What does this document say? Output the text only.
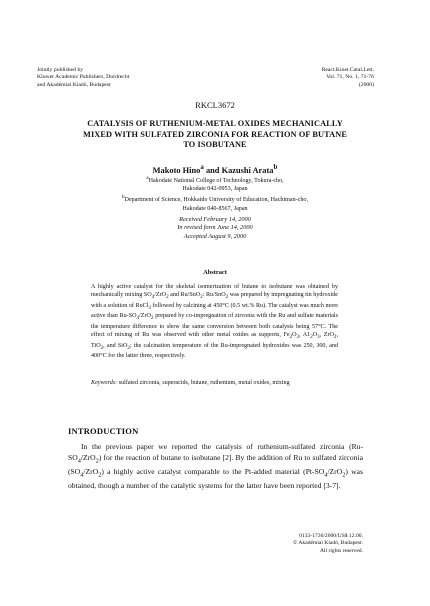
Jointly published by
Kluwer Academic Publishers, Dordrecht
and Akadémiai Kiadó, Budapest
React.Kinet.Catal.Lett.
Vol. 71, No. 1, 71-76
(2000)
RKCL3672
CATALYSIS OF RUTHENIUM-METAL OXIDES MECHANICALLY
MIXED WITH SULFATED ZIRCONIA FOR REACTION OF BUTANE
TO ISOBUTANE
Makoto Hino$^a$ and Kazushi Arata$^b$
$^a$Hakodate National College of Technology, Tokura-cho,
Hakodate 042-0953, Japan
$^b$Department of Science, Hokkaido University of Education, Hachiman-cho,
Hakodate 040-8567, Japan
Received February 14, 2000
In revised form June 14, 2000
Accepted August 9, 2000
Abstract
A highly active catalyst for the skeletal isomerization of butane to isobutane was obtained by mechanically mixing $SO_4/ZrO_2$ and Ru/SnO$_2$: Ru/SnO$_2$ was prepared by impregnating tin hydroxide with a solution of RuCl$_3$ followed by calcining at 450°C (0.5 wt.% Ru). The catalyst was much more active than $Ru-SO_4/ZrO_2$ prepared by co-impregnation of zirconia with the Ru and sulfate materials the temperature difference to show the same conversion between both catalysts being 57°C. The effect of mixing of Ru was observed with other metal oxides as supports, $Fe_2O_3$, $A1_2O_3$, ZrO$_2$, TiO$_2$, and SiO$_2$; the calcination temperature of the Ru-impregnated hydroxides was 250, 300, and 400°C for the latter three, respectively.
Keywords: sulfated zirconia, superacids, butane, ruthenium, metal oxides, mixing
INTRODUCTION
In the previous paper we reported the catalysis of ruthenium-sulfated zirconia $(Ru-SO_4/ZrO_2)$ for the reaction of butane to isobutane [2]. By the addition of Ru to sulfated zirconia $(SO_4/ZrO_2)$ a highly active catalyst comparable to the Pt-added material $(Pt-SO_4/ZrO_2)$ was obtained, though a number of the catalytic systems for the latter have been reported [3-7].
0133-1736/2000/US$ 12.00.
© Akadémiai Kiadó, Budapest.
All rights reserved.
